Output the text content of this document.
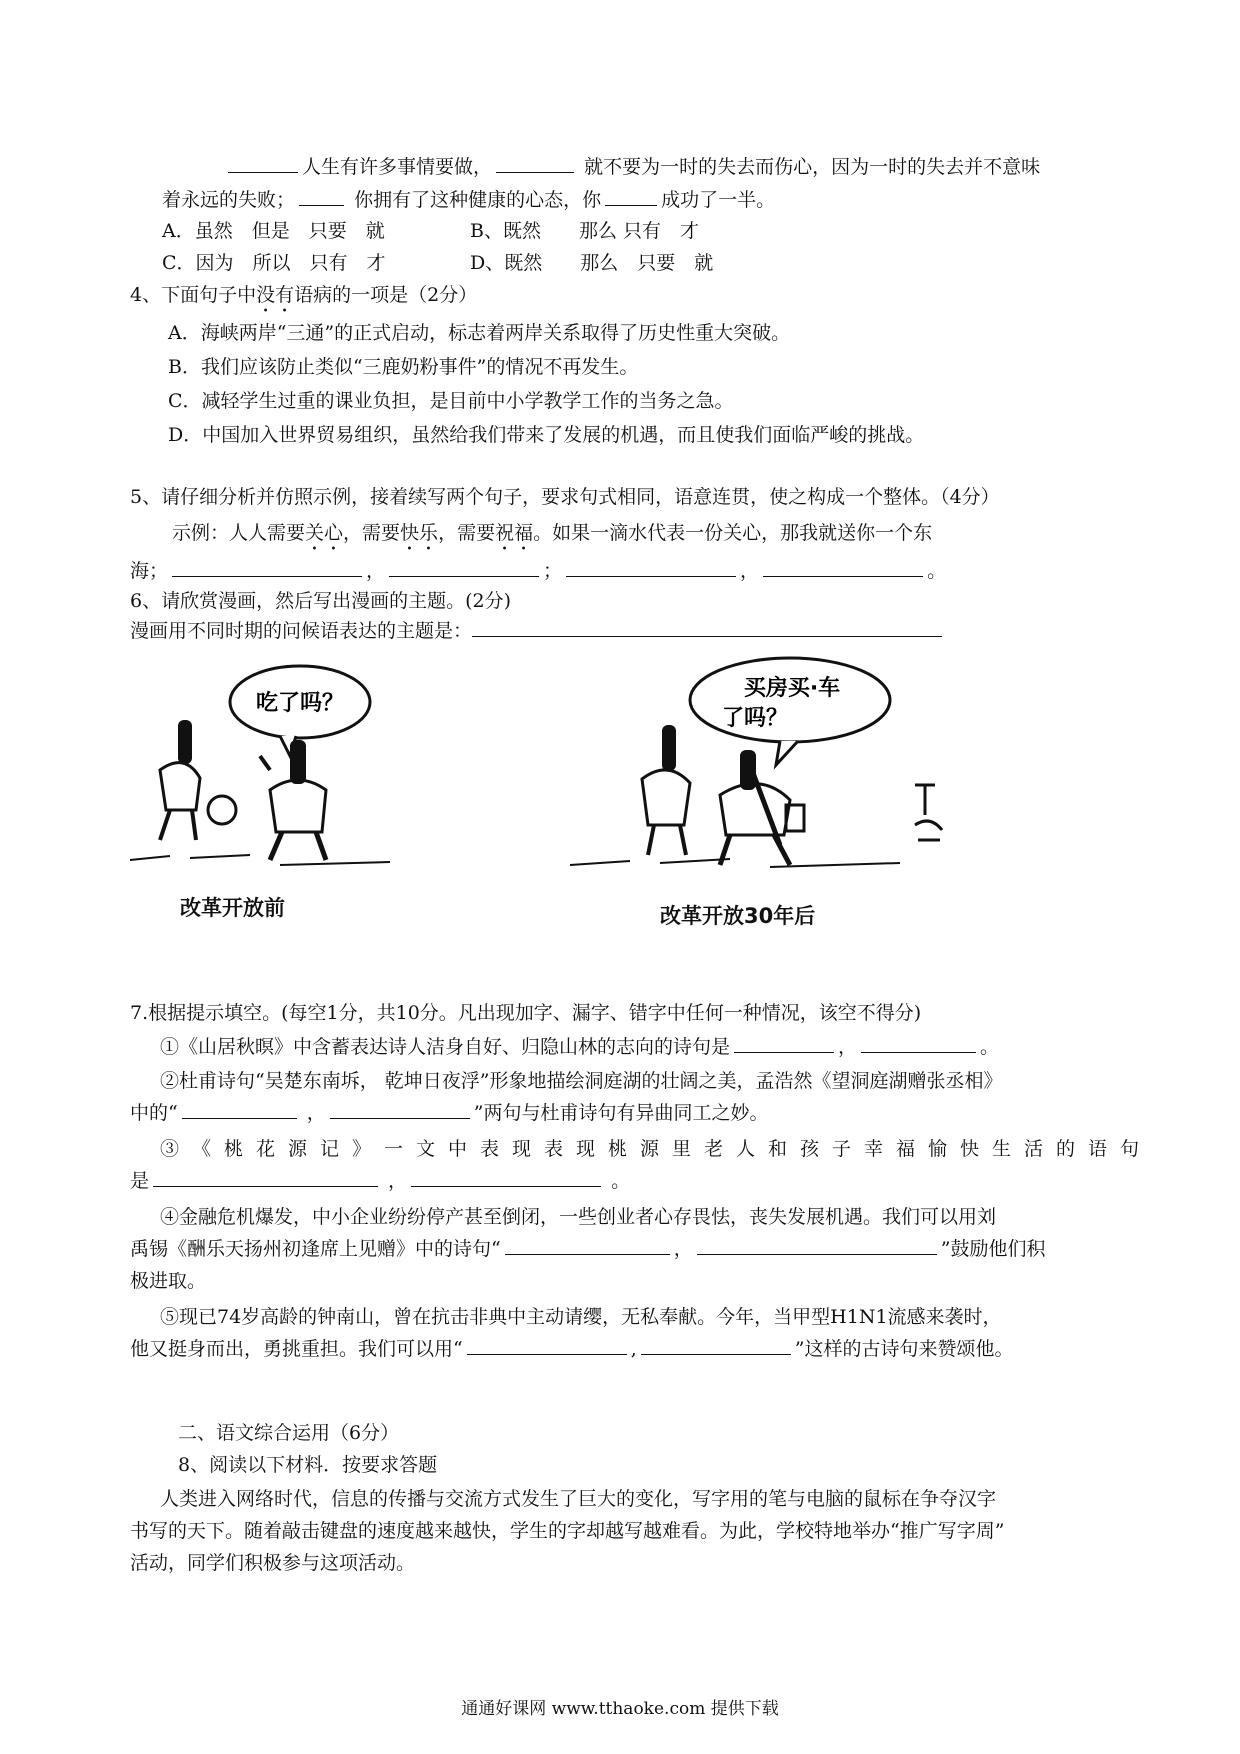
人生有许多事情要做，	就不要为一时的失去而伤心，因为一时的失去并不意味
着永远的失败；	你拥有了这种健康的心态，你	成功了一半。
A．虽然　但是　只要　就	B、既然　　那么 只有　才
C．因为　所以　只有　才	D、既然　　那么　只要　就
4、下面句子中没有语病的一项是（2分）
A．海峡两岸“三通”的正式启动，标志着两岸关系取得了历史性重大突破。
B．我们应该防止类似“三鹿奶粉事件”的情况不再发生。
C．减轻学生过重的课业负担，是目前中小学教学工作的当务之急。
D．中国加入世界贸易组织，虽然给我们带来了发展的机遇，而且使我们面临严峻的挑战。
5、请仔细分析并仿照示例，接着续写两个句子，要求句式相同，语意连贯，使之构成一个整体。（4分）
示例：人人需要关心，需要快乐，需要祝福。如果一滴水代表一份关心，那我就送你一个东
海；	，	；	，	。
6、请欣赏漫画，然后写出漫画的主题。(2分)
漫画用不同时期的问候语表达的主题是：
吃了吗？
改革开放前
买房买·车
了吗？
改革开放30年后
7.根据提示填空。(每空1分，共10分。凡出现加字、漏字、错字中任何一种情况，该空不得分)
①《山居秋暝》中含蓄表达诗人洁身自好、归隐山林的志向的诗句是	，	。
②杜甫诗句“吴楚东南坼， 乾坤日夜浮”形象地描绘洞庭湖的壮阔之美，孟浩然《望洞庭湖赠张丞相》
中的“	，	”两句与杜甫诗句有异曲同工之妙。
③《桃花源记》一文中表现表现桃源里老人和孩子幸福愉快生活的语句
是	，	。
④金融危机爆发，中小企业纷纷停产甚至倒闭，一些创业者心存畏怯，丧失发展机遇。我们可以用刘
禹锡《酬乐天扬州初逢席上见赠》中的诗句“	，	”鼓励他们积
极进取。
⑤现已74岁高龄的钟南山，曾在抗击非典中主动请缨，无私奉献。今年，当甲型H1N1流感来袭时，
他又挺身而出，勇挑重担。我们可以用“	,	”这样的古诗句来赞颂他。
二、语文综合运用（6分）
8、阅读以下材料．按要求答题
人类进入网络时代，信息的传播与交流方式发生了巨大的变化，写字用的笔与电脑的鼠标在争夺汉字
书写的天下。随着敲击键盘的速度越来越快，学生的字却越写越难看。为此，学校特地举办“推广写字周”
活动，同学们积极参与这项活动。
通通好课网 www.tthaoke.com 提供下载
